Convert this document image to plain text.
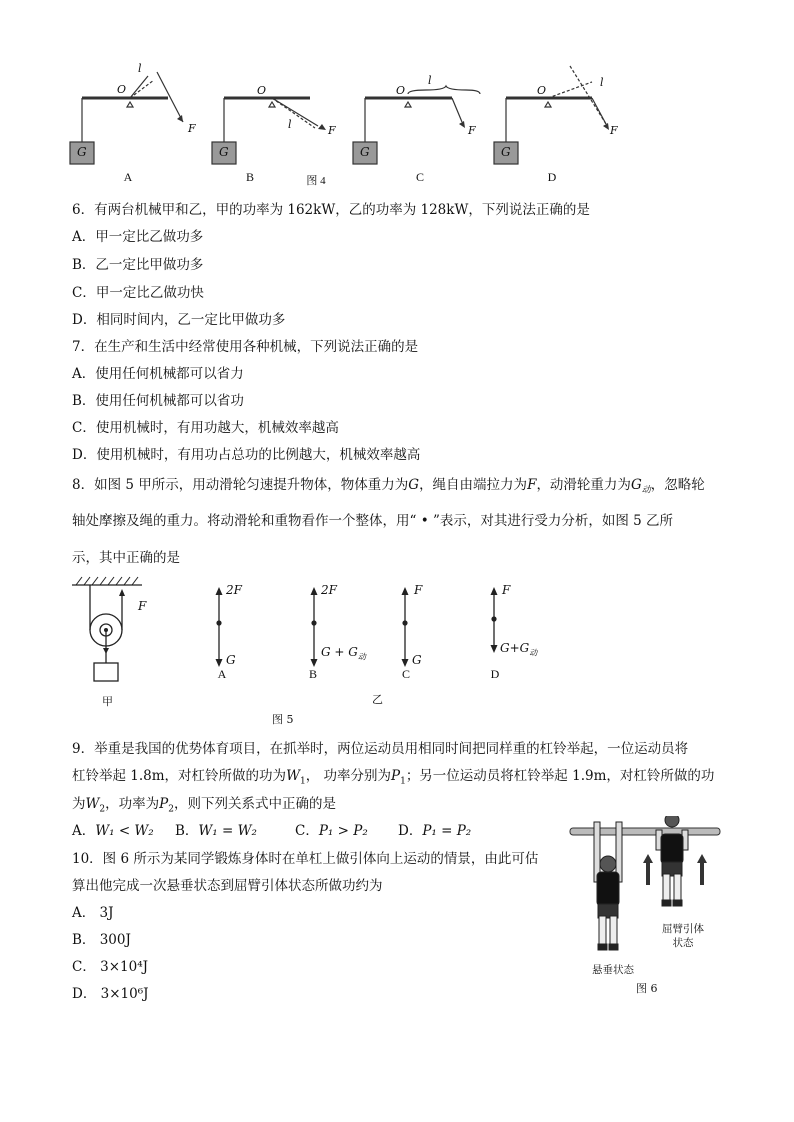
G	G	G	G
O	O	O	O
l
l
l	l
F	F	F	F
A	B	图 4	C	D
6．有两台机械甲和乙，甲的功率为 162kW，乙的功率为 128kW，下列说法正确的是
A．甲一定比乙做功多
B．乙一定比甲做功多
C．甲一定比乙做功快
D．相同时间内，乙一定比甲做功多
7．在生产和生活中经常使用各种机械，下列说法正确的是
A．使用任何机械都可以省力
B．使用任何机械都可以省功
C．使用机械时，有用功越大，机械效率越高
D．使用机械时，有用功占总功的比例越大，机械效率越高
8．如图 5 甲所示，用动滑轮匀速提升物体，物体重力为G，绳自由端拉力为F，动滑轮重力为$G_动$，忽略轮
轴处摩擦及绳的重力。将动滑轮和重物看作一个整体，用“ • ”表示，对其进行受力分析，如图 5 乙所
示，其中正确的是
F
甲
2F
G
A
2F
$G + G_动$
B
F
G
C
F
$G+G_动$
D
乙
图 5
9．举重是我国的优势体育项目，在抓举时，两位运动员用相同时间把同样重的杠铃举起，一位运动员将
杠铃举起 1.8m，对杠铃所做的功为$W_1$， 功率分别为$P_1$；另一位运动员将杠铃举起 1.9m，对杠铃所做的功
为$W_2$，功率为$P_2$，则下列关系式中正确的是
A．W₁ < W₂ B．W₁ = W₂	C．P₁ > P₂ D．P₁ = P₂
10．图 6 所示为某同学锻炼身体时在单杠上做引体向上运动的情景，由此可估
算出他完成一次悬垂状态到屈臂引体状态所做功约为
A． 3J
B． 300J
C． 3×10⁴J
D． 3×10⁶J
屈臂引体
状态
悬垂状态
图 6
